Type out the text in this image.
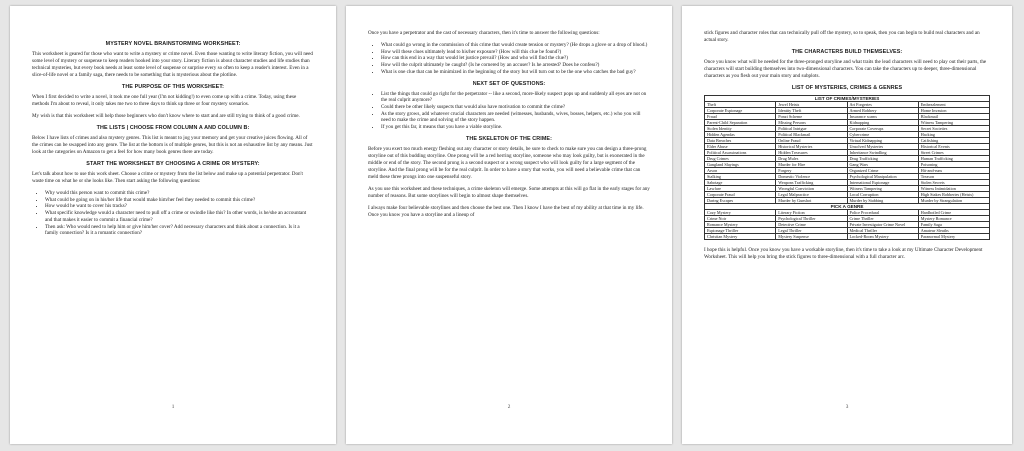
MYSTERY NOVEL BRAINSTORMING WORKSHEET:

This worksheet is geared for those who want to write a mystery or crime novel. Even those wanting to write literary fiction, you will need some level of mystery or suspense to keep readers hooked into your story. Literary fiction is about character studies and life studies than technical mysteries, but every book needs at least some level of suspense or surprise every so often to keep a reader's interest. Even in a slice-of-life novel or a family saga, there needs to be something that is mysterious about the plotline.

THE PURPOSE OF THIS WORKSHEET:

When I first decided to write a novel, it took me one full year (I'm not kidding!) to even come up with a crime. Today, using these methods I'm about to reveal, it only takes me two to three days to think up three or four mystery scenarios.

My wish is that this worksheet will help those beginners who don't know where to start and are still trying to think of a good crime.

THE LISTS | CHOOSE FROM COLUMN A AND COLUMN B:

Below I have lists of crimes and also mystery genres. This list is meant to jog your memory and get your creative juices flowing. All of the crimes can be swapped into any genre. The list at the bottom is of multiple genres, but this is not an exhaustive list by any means. Just look at the categories on Amazon to get a feel for how many book genres there are today.

START THE WORKSHEET BY CHOOSING A CRIME OR MYSTERY:

Let's talk about how to use this work sheet. Choose a crime or mystery from the list below and make up a potential perpetrator. Don't waste time on what he or she looks like. Then start asking the following questions:

• Why would this person want to commit this crime?
• What could be going on in his/her life that would make him/her feel they needed to commit this crime?
• How would he want to cover his tracks?
• What specific knowledge would a character need to pull off a crime or swindle like this? In other words, is he/she an accountant and that makes it easier to commit a financial crime?
• Then ask: Who would need to help him or give him/her cover? Add necessary characters and think about a connection. Is it a family connection? Is it a romantic connection?
1

Once you have a perpetrator and the cast of necessary characters, then it's time to answer the following questions:

• What could go wrong in the commission of this crime that would create tension or mystery? (He drops a glove or a drop of blood.)
• How will these clues ultimately lead to his/her exposure? (How will this clue be found?)
• How can this end in a way that would let justice prevail? (How and who will find the clue?)
• How will the culprit ultimately be caught? (Is he cornered by an accuser? Is he arrested? Does he confess?)
• What is one clue that can be minimized in the beginning of the story but will turn out to be the one who catches the bad guy?
NEXT SET OF QUESTIONS:
• List the things that could go right for the perpetrator -- like a second, more-likely suspect pops up and suddenly all eyes are not on the real culprit anymore?
• Could there be other likely suspects that would also have motivation to commit the crime?
• As the story grows, add whatever crucial characters are needed (witnesses, husbands, wives, bosses, helpers, etc.) who you will need to make the crime and solving of the story happen.
• If you get this far, it means that you have a viable storyline.
THE SKELETON OF THE CRIME:

Before you exert too much energy fleshing out any character or story details, be sure to check to make sure you can design a three-prong storyline out of this budding storyline. One prong will be a red herring storyline, someone who may look guilty, but is exonerated in the middle or end of the story. The second prong is a second suspect or a wrong suspect who will look guilty for a large segment of the storyline. And the final prong will be for the real culprit. In order to have a story that works, you will need a believable crime that can meld these three prongs into one suspenseful story.

As you use this worksheet and these techniques, a crime skeleton will emerge. Some attempts at this will go flat in the early stages for any number of reasons. But some storylines will begin to almost shape themselves.

I always make four believable storylines and then choose the best one. Then I know I have the best of my ability at that time in my life. Once you know you have a storyline and a lineup of

2

stick figures and character roles that can technically pull off the mystery, so to speak, then you can begin to build real characters and an actual story.

THE CHARACTERS BUILD THEMSELVES:

Once you know what will be needed for the three-pronged storyline and what traits the lead characters will need to play out their parts, the characters will start building themselves into two-dimensional characters. You can take the characters up to deeper, three-dimensional characters as you flesh out your main story and subplots.

LIST OF MYSTERIES, CRIMES & GENRES
LIST OF CRIMES/MYSTERIES			
Theft	Jewel Heists	Art Forgeries	Embezzlement
Corporate Espionage	Identity Theft	Armed Robbery	Home Invasion
Fraud	Ponzi Scheme	Insurance scams	Blackmail
Parent-Child Separation	Missing Persons	Kidnapping	Witness Tampering
Stolen Identity	Political Intrigue	Corporate Coverups	Secret Societies
Hidden Agendas	Political Blackmail	Cybercrime	Hacking
Data Breaches	Online Fraud	Virtual Kidnapping	Catfishing
Elder Abuse	Historical Mysteries	Unsolved Mysteries	Historical Events
Political Assassinations	Hidden Treasures	Inheritance Swindling	Street Crimes
Drug Crimes	Drug Mules	Drug Trafficking	Human Trafficking
Gangland Slayings	Murder for Hire	Gang Wars	Poisoning
Arson	Forgery	Organized Crime	Hit-and-runs
Stalking	Domestic Violence	Psychological Manipulation	Treason
Sabotage	Weapons Trafficking	International Espionage	Stolen Secrets
Lawfare	Wrongful Conviction	Witness Tampering	Witness Intimidation
Corporate Fraud	Legal Malpractice	Local Corruption	High Stakes Robberies (Heists)
Daring Escapes	Murder by Gunshot	Murder by Stabbing	Murder by Strangulation
PICK A GENRE			
Cozy Mystery	Literary Fiction	Police Procedural	Hardboiled Crime
Crime Noir	Psychological Thriller	Crime Thriller	Mystery Romance
Romance Mystery	Detective Crime	Private Investigator Crime Novel	Family Saga
Espionage Thriller	Legal Thriller	Medical Thriller	Amateur Sleuths
Christian Mystery	Mystery Suspense	Locked-Room Mystery	Paranormal Mystery

I hope this is helpful. Once you know you have a workable storyline, then it's time to take a look at my Ultimate Character Development Worksheet. This will help you bring the stick figures to three-dimensional with a full character arc.

3
